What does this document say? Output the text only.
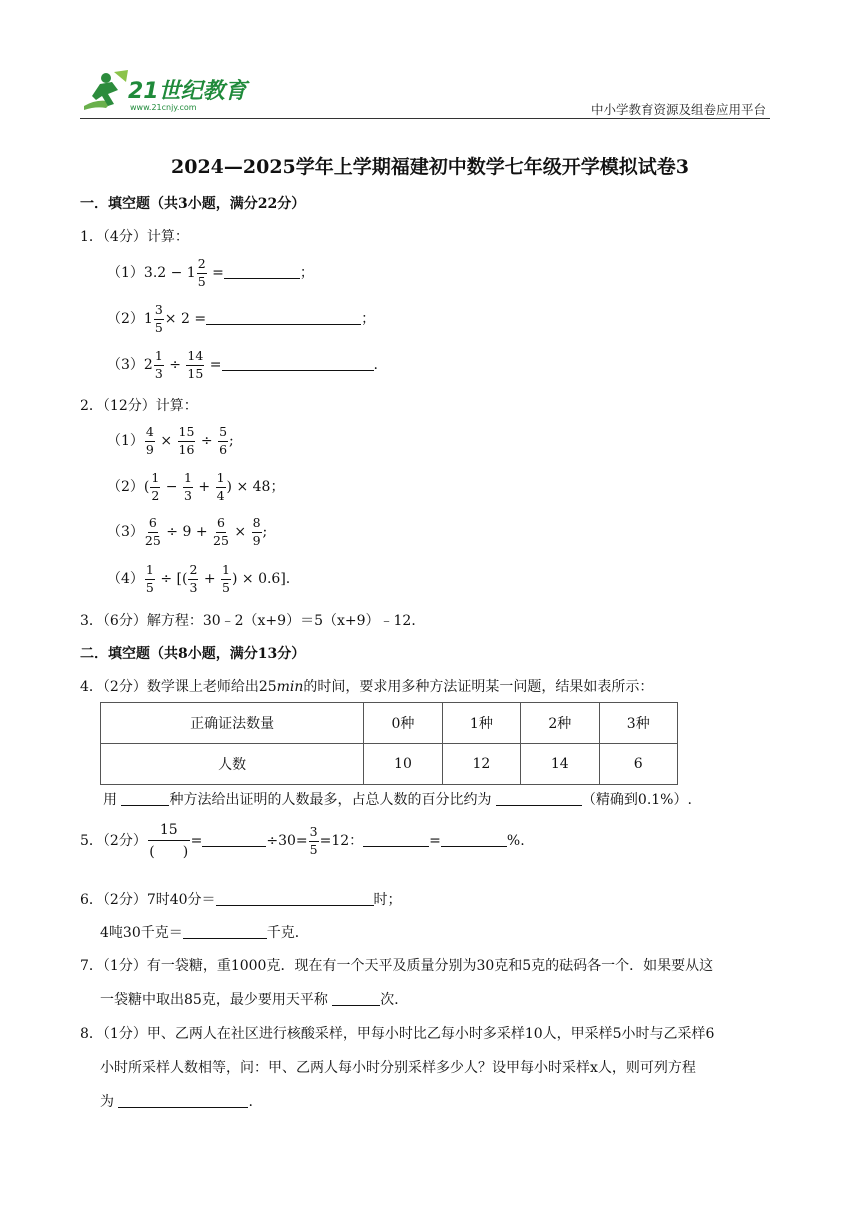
21世纪教育
www.21cnjy.com	中小学教育资源及组卷应用平台
2024—2025学年上学期福建初中数学七年级开学模拟试卷3
一．填空题（共3小题，满分22分）
1．（4分）计算：
$(1)3.2 - 1 \frac{2}{5}$ =	；
$(2)1 \frac{3}{5} \times 2$ =	；
$(3)2 \frac{1}{3} \div \frac{14}{15}$ =	.
2．（12分）计算：
$(1) \frac{4}{9} \times \frac{15}{16} \div \frac{5}{6}$ ;
$(2)( \frac{1}{2} - \frac{1}{3} + \frac{1}{4}$ ) × 48；
$(3) \frac{6}{25} \div 9 + \frac{6}{25} \times \frac{8}{9}$ ;
$(4) \frac{1}{5}$ ÷ [( $\frac{2}{3} + \frac{1}{5}$ ) × 0.6].
3．（6分）解方程：30﹣2（x+9）＝5（x+9）﹣12．
二．填空题（共8小题，满分13分）
4．（2分）数学课上老师给出25min的时间，要求用多种方法证明某一问题，结果如表所示：
正确证法数量	0种	1种	2种	3种
人数	10	12	14	6
用	种方法给出证明的人数最多，占总人数的百分比约为	（精确到0.1%）.
5．（2分） $\frac{15}{( )}$ =	$\div 30= \frac{3}{5} =12$：	=	%.
6．（2分）7时40分＝	时；
4吨30千克＝	千克．
7．（1分）有一袋糖，重1000克．现在有一个天平及质量分别为30克和5克的砝码各一个．如果要从这
一袋糖中取出85克，最少要用天平称	次．
8．（1分）甲、乙两人在社区进行核酸采样，甲每小时比乙每小时多采样10人，甲采样5小时与乙采样6
小时所采样人数相等，问：甲、乙两人每小时分别采样多少人？设甲每小时采样x人，则可列方程
为	.
